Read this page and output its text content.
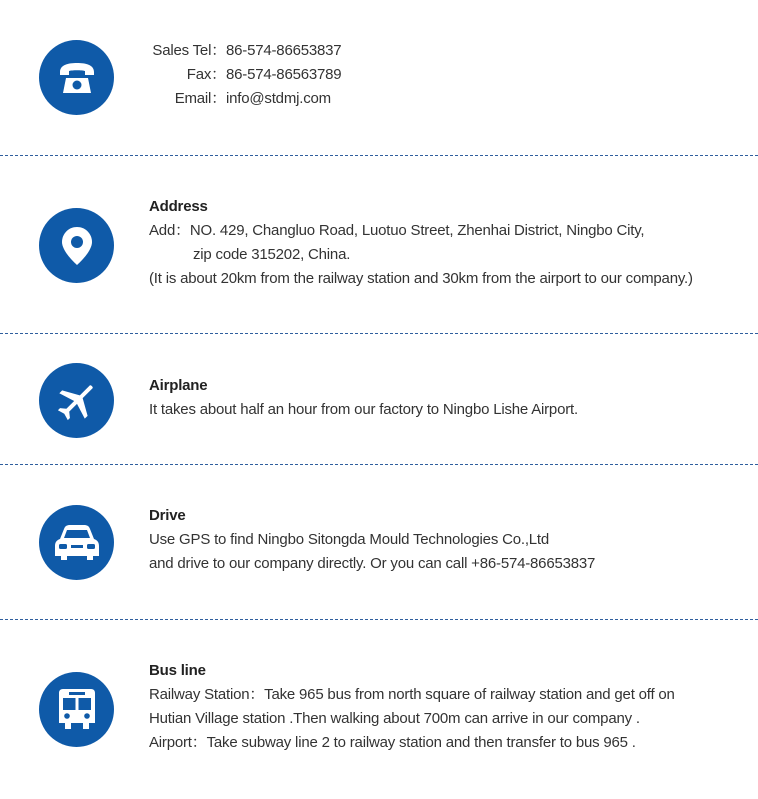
Sales Tel： 86-574-86653837
Fax： 86-574-86563789
Email： info@stdmj.com
Address
Add：NO. 429, Changluo Road, Luotuo Street, Zhenhai District, Ningbo City,
zip code 315202, China.
(It is about 20km from the railway station and 30km from the airport to our company.)
Airplane
It takes about half an hour from our factory to Ningbo Lishe Airport.
Drive
Use GPS to find Ningbo Sitongda Mould Technologies Co.,Ltd
and drive to our company directly. Or you can call +86-574-86653837
Bus line
Railway Station：Take 965 bus from north square of railway station and get off on
Hutian Village station .Then walking about 700m can arrive in our company .
Airport：Take subway line 2 to railway station and then transfer to bus 965 .
